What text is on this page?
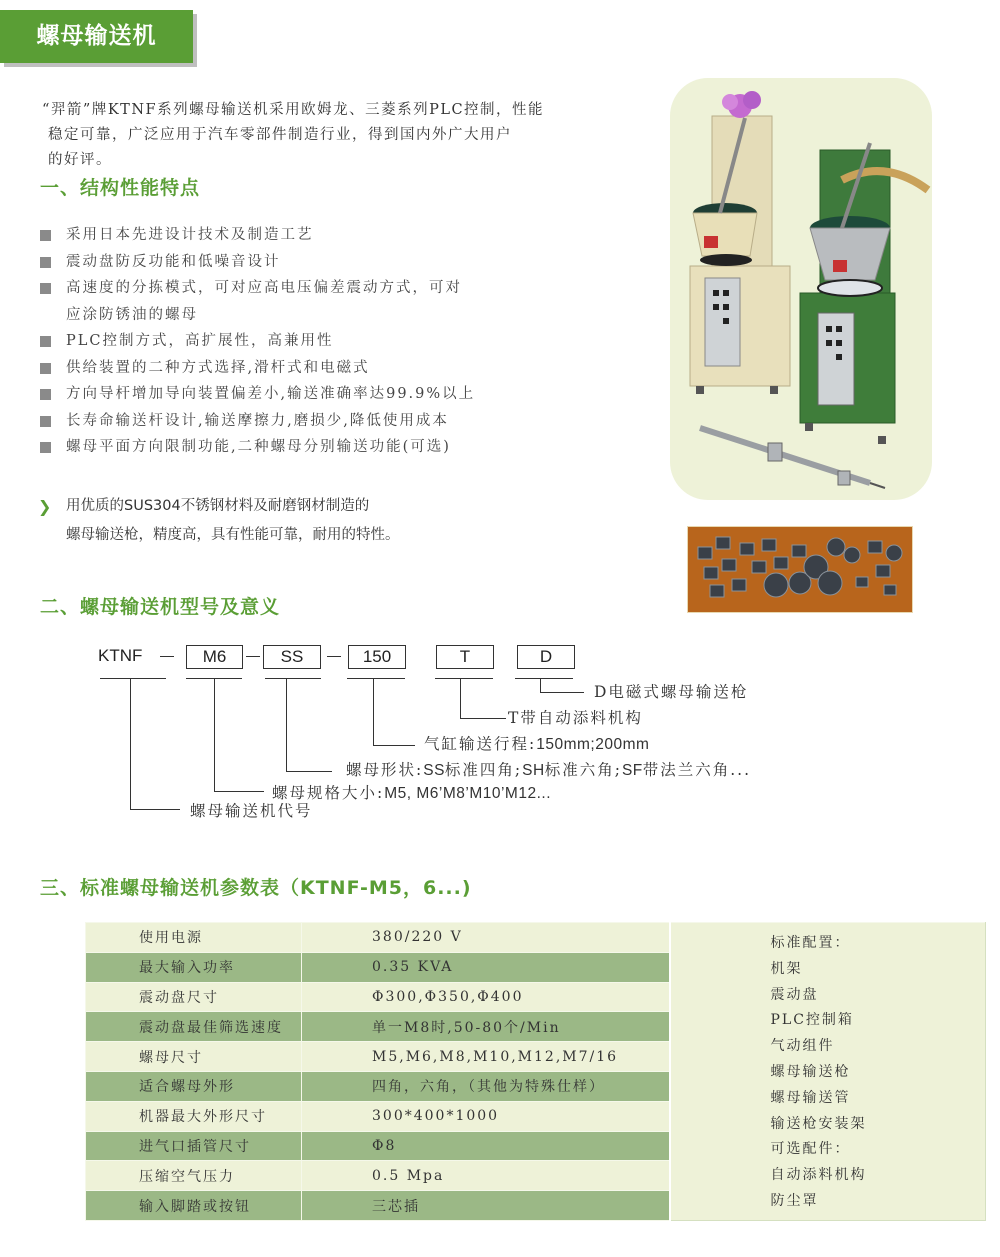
螺母输送机

“羿箭”牌KTNF系列螺母输送机采用欧姆龙、三菱系列PLC控制，性能

稳定可靠，广泛应用于汽车零部件制造行业，得到国内外广大用户

的好评。

一、结构性能特点
采用日本先进设计技术及制造工艺
震动盘防反功能和低噪音设计
高速度的分拣模式，可对应高电压偏差震动方式，可对
应涂防锈油的螺母
PLC控制方式，高扩展性，高兼用性
供给装置的二种方式选择,滑杆式和电磁式
方向导杆增加导向装置偏差小,输送准确率达99.9%以上
长寿命输送杆设计,输送摩擦力,磨损少,降低使用成本
螺母平面方向限制功能,二种螺母分别输送功能(可选)
❯	用优质的SUS304不锈钢材料及耐磨钢材制造的

螺母输送枪，精度高，具有性能可靠，耐用的特性。

二、螺母输送机型号及意义
KTNF	M6	SS	150	T	D
D电磁式螺母输送枪
T带自动添料机构
气缸输送行程:150mm;200mm
螺母形状:SS标准四角;SH标准六角;SF带法兰六角...
螺母规格大小:M5, M6’M8’M10’M12...
螺母输送机代号
三、标准螺母输送机参数表（KTNF-M5，6...)
使用电源	380/220 V	标准配置：
机架
震动盘
PLC控制箱
气动组件
螺母输送枪
螺母输送管
输送枪安装架
可选配件：
自动添料机构
防尘罩

最大输入功率	0.35 KVA	
震动盘尺寸	Φ300,Φ350,Φ400	
震动盘最佳筛选速度	单一M8时,50-80个/Min	
螺母尺寸	M5,M6,M8,M10,M12,M7/16	
适合螺母外形	四角，六角，（其他为特殊仕样）	
机器最大外形尺寸	300*400*1000	
进气口插管尺寸	Φ8	
压缩空气压力	0.5 Mpa	
输入脚踏或按钮	三芯插	
